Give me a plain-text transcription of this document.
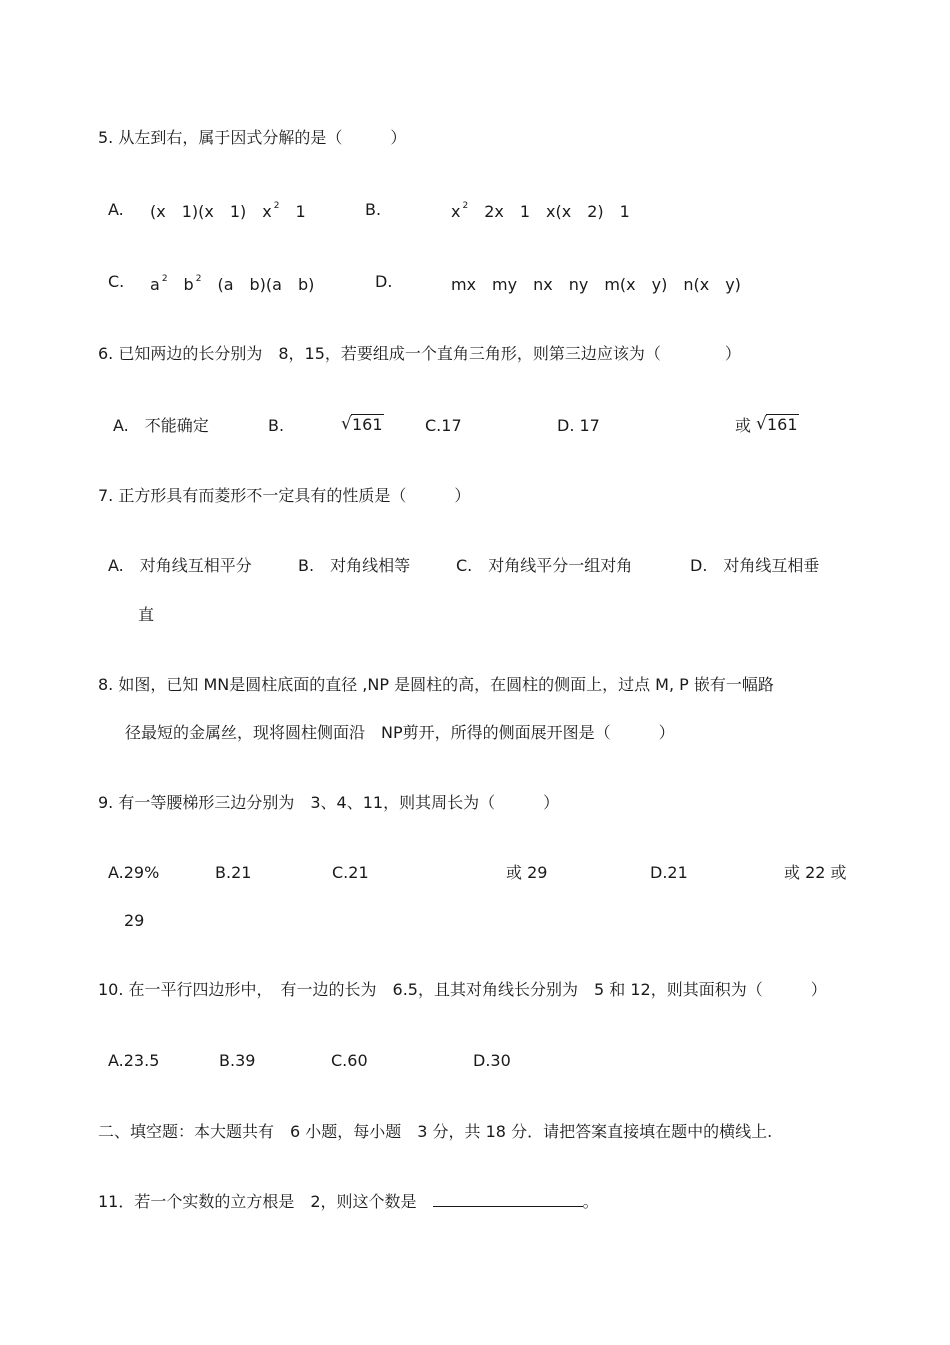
5. 从左到右，属于因式分解的是（　　　）
A. (x　1)(x　1)　x $^2$　1	B.	x $^2$　2x　1　x(x　2)　1
C. a $^2$　b $^2$　(a　b)(a　b)	D.	mx　my　nx　ny　m(x　y)　n(x　y)
6. 已知两边的长分别为　8，15，若要组成一个直角三角形，则第三边应该为（　　　　）
A.　不能确定	B.	√ 161	C.17	D. 17	或 √ 161
7. 正方形具有而菱形不一定具有的性质是（　　　）
A.　对角线互相平分	B.　对角线相等	C.　对角线平分一组对角	D.　对角线互相垂
直
8. 如图，已知 MN是圆柱底面的直径 ,NP 是圆柱的高，在圆柱的侧面上，过点 M, P 嵌有一幅路
径最短的金属丝，现将圆柱侧面沿　NP剪开，所得的侧面展开图是（　　　）
9. 有一等腰梯形三边分别为　3、4、11，则其周长为（　　　）
A.29%	B.21	C.21	或 29	D.21	或 22 或
29
10. 在一平行四边形中，　有一边的长为　6.5，且其对角线长分别为　5 和 12，则其面积为（　　　）
A.23.5	B.39	C.60	D.30
二、填空题：本大题共有　6 小题，每小题　3 分，共 18 分．请把答案直接填在题中的横线上.
11．若一个实数的立方根是　2，则这个数是　	。
